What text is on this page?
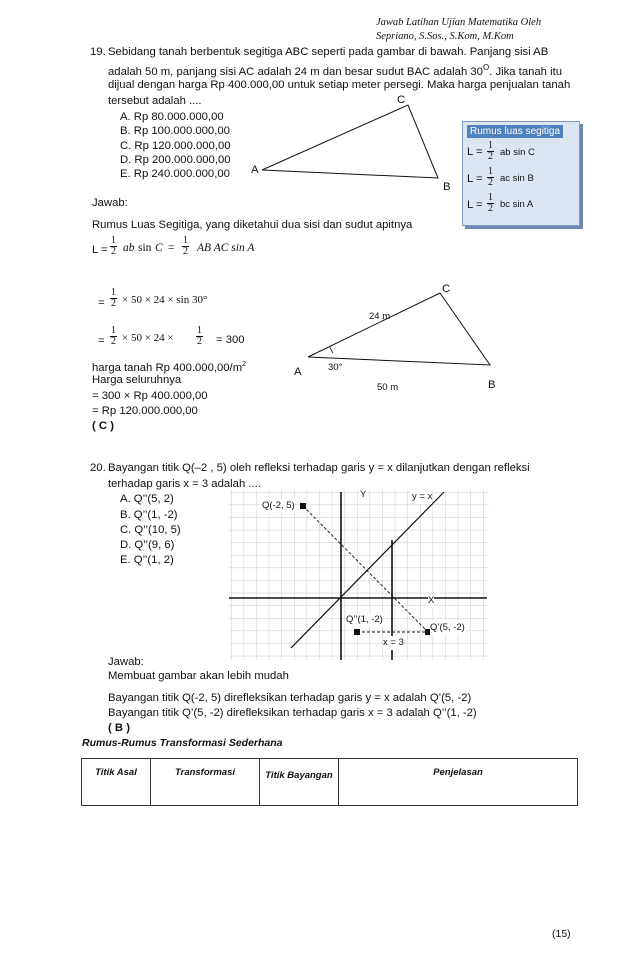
Jawab Latihan Ujian Matematika Oleh
Sepriano, S.Sos., S.Kom, M.Kom
19. Sebidang tanah berbentuk segitiga ABC seperti pada gambar di bawah. Panjang sisi AB
adalah 50 m, panjang sisi AC adalah 24 m dan besar sudut BAC adalah $30^O$. Jika tanah itu
dijual dengan harga Rp 400.000,00 untuk setiap meter persegi. Maka harga penjualan tanah
tersebut adalah ....
A. Rp 80.000.000,00
B. Rp 100.000.000,00
C. Rp 120.000.000,00
D. Rp 200.000.000,00
E. Rp 240.000.000,00 A
B
C
Rumus luas segitiga
$L = \frac{1}{2}$ ab sin C
$L = \frac{1}{2}$ ac sin B
$L = \frac{1}{2}$ bc sin A
Jawab:
Rumus Luas Segitiga, yang diketahui dua sisi dan sudut apitnya
$L = \frac{1}{2}$ ab $\sin C = \frac{1}{2}$ AB AC sin A
= $\frac{1}{2} \times 50 \times 24 \times \sin 30^\circ$
= $\frac{1}{2} \times 50 \times 24 \times \frac{1}{2} = 300$
harga tanah Rp $400.000,00/m^2$
Harga seluruhnya
= 300 × Rp 400.000,00
= Rp 120.000.000,00
( C )
C
A
B
24 m
50 m
30°
20. Bayangan titik Q(–2 , 5) oleh refleksi terhadap garis y = x dilanjutkan dengan refleksi
terhadap garis x = 3 adalah ....
A. Q’’(5, 2)
B. Q’’(1, -2)
C. Q’’(10, 5)
D. Q’’(9, 6)
E. Q’’(1, 2)
Q(-2, 5)
Y	y = x
X
Q’’(1, -2)
Q’(5, -2)
x = 3
Jawab:
Membuat gambar akan lebih mudah
Bayangan titik Q(-2, 5) direfleksikan terhadap garis y = x adalah Q’(5, -2)
Bayangan titik Q’(5, -2) direfleksikan terhadap garis x = 3 adalah Q’’(1, -2)
( B )
Rumus-Rumus Transformasi Sederhana
Titik Asal	Transformasi	Titik Bayangan	Penjelasan
(15)
